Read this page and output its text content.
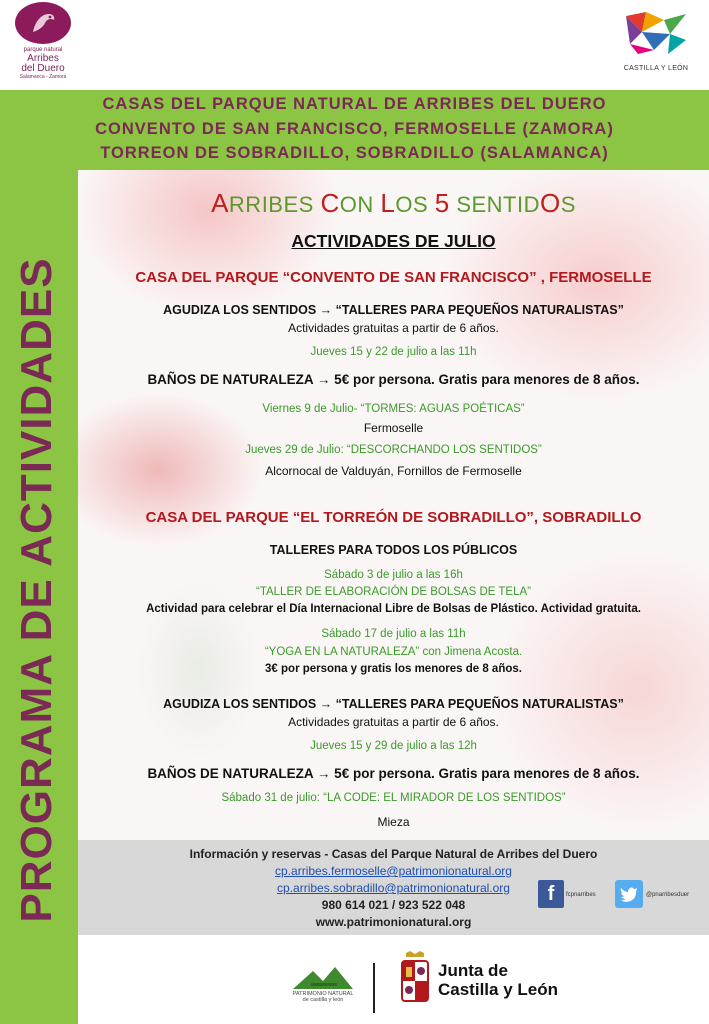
parque natural
Arribes
del Duero
Salamanca - Zamora
CASTILLA Y LEÓN
CASAS DEL PARQUE NATURAL DE ARRIBES DEL DUERO
CONVENTO DE SAN FRANCISCO, FERMOSELLE (ZAMORA)
TORREON DE SOBRADILLO, SOBRADILLO (SALAMANCA)
PROGRAMA DE ACTIVIDADES
ARRIBES CON LOS 5 SENTIDOS
ACTIVIDADES DE JULIO
CASA DEL PARQUE “CONVENTO DE SAN FRANCISCO” , FERMOSELLE
AGUDIZA LOS SENTIDOS → “TALLERES PARA PEQUEÑOS NATURALISTAS”
Actividades gratuitas a partir de 6 años.
Jueves 15 y 22 de julio a las 11h
BAÑOS DE NATURALEZA → 5€ por persona. Gratis para menores de 8 años.
Viernes 9 de Julio- “TORMES: AGUAS POÉTICAS”
Fermoselle
Jueves 29 de Julio: “DESCORCHANDO LOS SENTIDOS”
Alcornocal de Valduyán, Fornillos de Fermoselle
CASA DEL PARQUE “EL TORREÓN DE SOBRADILLO”, SOBRADILLO
TALLERES PARA TODOS LOS PÚBLICOS
Sábado 3 de julio a las 16h
“TALLER DE ELABORACIÓN DE BOLSAS DE TELA”
Actividad para celebrar el Día Internacional Libre de Bolsas de Plástico. Actividad gratuita.
Sábado 17 de julio a las 11h
“YOGA EN LA NATURALEZA” con Jimena Acosta.
3€ por persona y gratis los menores de 8 años.
AGUDIZA LOS SENTIDOS → “TALLERES PARA PEQUEÑOS NATURALISTAS”
Actividades gratuitas a partir de 6 años.
Jueves 15 y 29 de julio a las 12h
BAÑOS DE NATURALEZA → 5€ por persona. Gratis para menores de 8 años.
Sábado 31 de julio: “LA CODE: EL MIRADOR DE LOS SENTIDOS”
Mieza
Información y reservas - Casas del Parque Natural de Arribes del Duero
cp.arribes.fermoselle@patrimonionatural.org
cp.arribes.sobradillo@patrimonionatural.org
980 614 021 / 923 522 048
www.patrimonionatural.org
f	fcpnarribes	@pnarribesduer
PATRIMONIO NATURAL
de castilla y león
Junta de
Castilla y León
